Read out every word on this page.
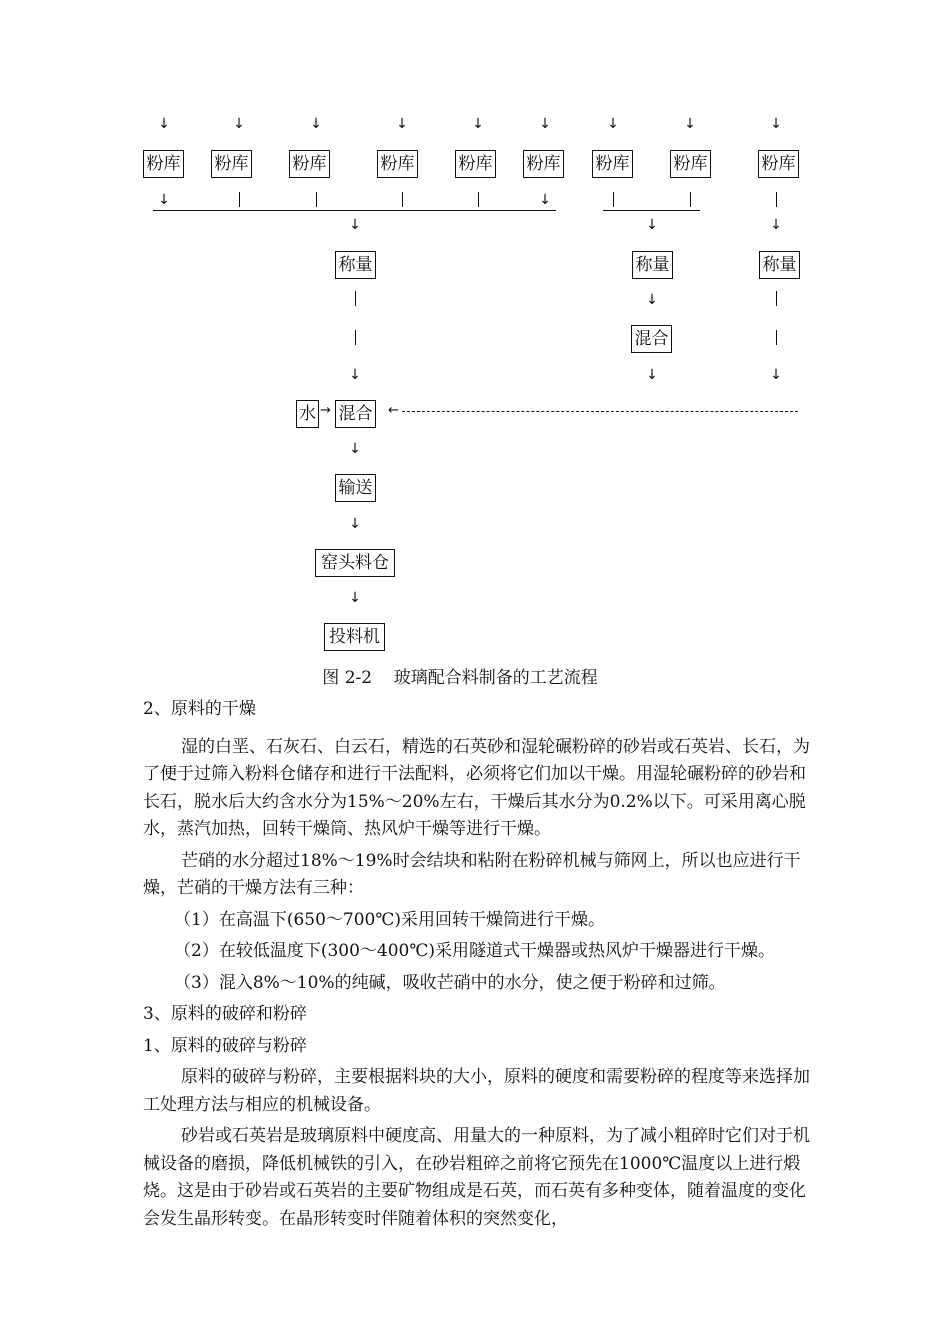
↓	↓	↓	↓	↓	↓	↓	↓	↓
粉库 粉库	粉库	粉库	粉库 粉库 粉库	粉库	粉库
↓	↓
↓	↓	↓
称量	称量	称量
↓
↓
混合
↓	↓
水 → 混合 ←
↓
输送
↓
窑头料仓
↓
投料机
图 2-2    玻璃配合料制备的工艺流程

2、原料的干燥

湿的白垩、石灰石、白云石，精选的石英砂和湿轮碾粉碎的砂岩或石英岩、长石，为了便于过筛入粉料仓储存和进行干法配料，必须将它们加以干燥。用湿轮碾粉碎的砂岩和长石，脱水后大约含水分为15%～20%左右，干燥后其水分为0.2%以下。可采用离心脱水，蒸汽加热，回转干燥筒、热风炉干燥等进行干燥。

芒硝的水分超过18%～19%时会结块和粘附在粉碎机械与筛网上，所以也应进行干燥，芒硝的干燥方法有三种：

（1）在高温下(650～700℃)采用回转干燥筒进行干燥。

（2）在较低温度下(300～400℃)采用隧道式干燥器或热风炉干燥器进行干燥。

（3）混入8%～10%的纯碱，吸收芒硝中的水分，使之便于粉碎和过筛。

3、原料的破碎和粉碎

1、原料的破碎与粉碎

原料的破碎与粉碎，主要根据料块的大小，原料的硬度和需要粉碎的程度等来选择加工处理方法与相应的机械设备。

砂岩或石英岩是玻璃原料中硬度高、用量大的一种原料，为了减小粗碎时它们对于机械设备的磨损，降低机械铁的引入，在砂岩粗碎之前将它预先在1000℃温度以上进行煅烧。这是由于砂岩或石英岩的主要矿物组成是石英，而石英有多种变体，随着温度的变化会发生晶形转变。在晶形转变时伴随着体积的突然变化，
